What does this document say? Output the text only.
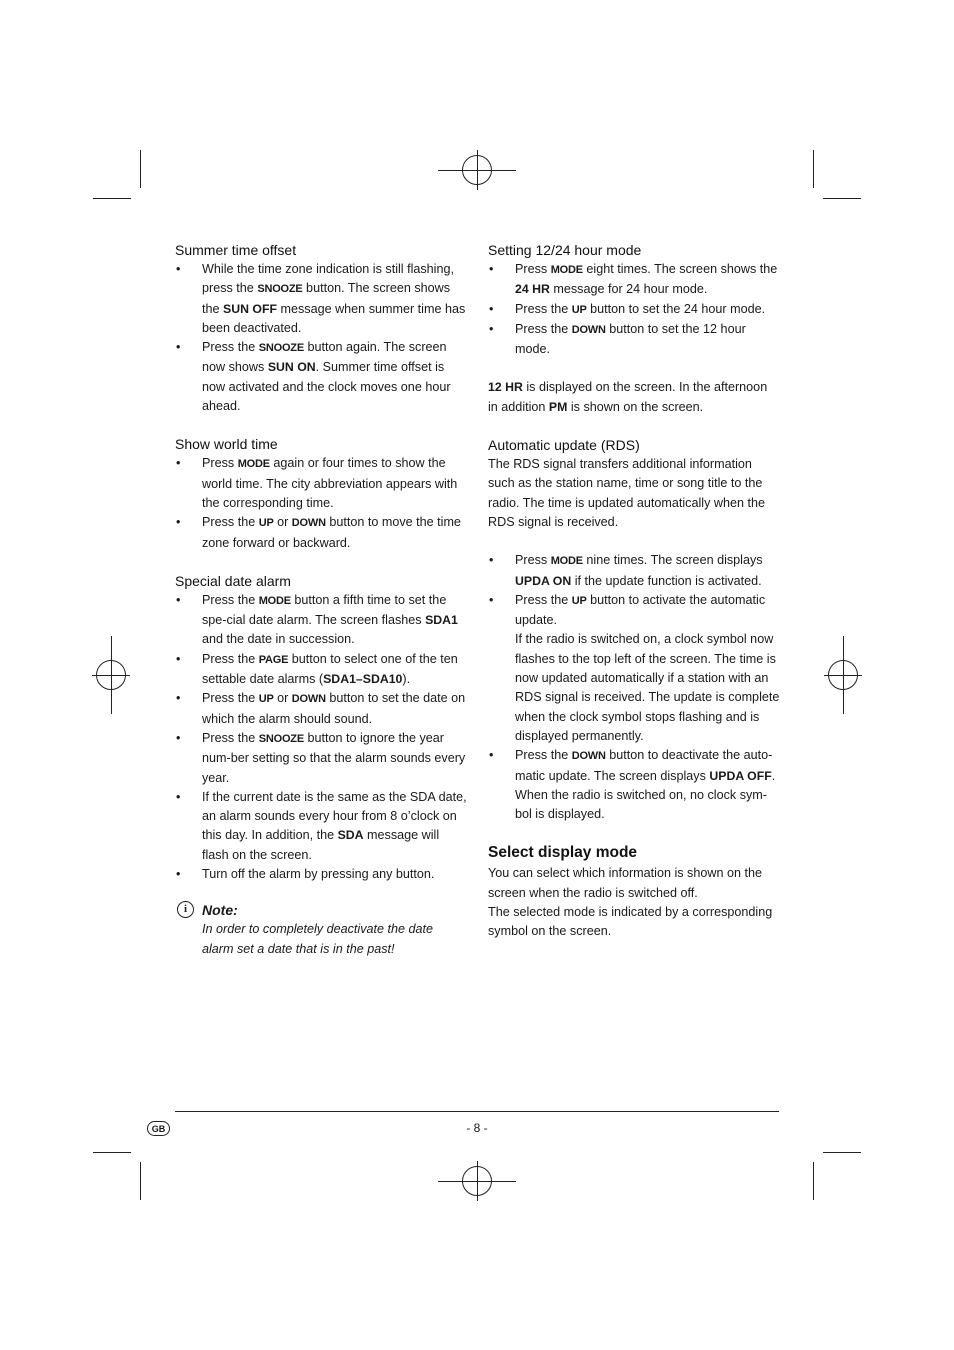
Summer time offset
• While the time zone indication is still flashing, press the SNOOZE button. The screen shows the SUN OFF message when summer time has been deactivated.
• Press the SNOOZE button again. The screen now shows SUN ON. Summer time offset is now activated and the clock moves one hour ahead.
Show world time
• Press MODE again or four times to show the world time. The city abbreviation appears with the corresponding time.
• Press the UP or DOWN button to move the time zone forward or backward.
Special date alarm
• Press the MODE button a fifth time to set the spe-cial date alarm. The screen flashes SDA1 and the date in succession.
• Press the PAGE button to select one of the ten settable date alarms (SDA1–SDA10).
• Press the UP or DOWN button to set the date on which the alarm should sound.
• Press the SNOOZE button to ignore the year num-ber setting so that the alarm sounds every year.
• If the current date is the same as the SDA date, an alarm sounds every hour from 8 o’clock on this day. In addition, the SDA message will flash on the screen.
• Turn off the alarm by pressing any button.
i	Note:

In order to completely deactivate the date alarm set a date that is in the past!

Setting 12/24 hour mode
• Press MODE eight times. The screen shows the 24 HR message for 24 hour mode.
• Press the UP button to set the 24 hour mode.
• Press the DOWN button to set the 12 hour mode.

12 HR is displayed on the screen. In the afternoon in addition PM is shown on the screen.

Automatic update (RDS)

The RDS signal transfers additional information such as the station name, time or song title to the radio. The time is updated automatically when the RDS signal is received.

• Press MODE nine times. The screen displays UPDA ON if the update function is activated.
• Press the UP button to activate the automatic update.
If the radio is switched on, a clock symbol now flashes to the top left of the screen. The time is now updated automatically if a station with an RDS signal is received. The update is complete when the clock symbol stops flashing and is displayed permanently.
• Press the DOWN button to deactivate the auto-matic update. The screen displays UPDA OFF. When the radio is switched on, no clock sym-bol is displayed.
Select display mode

You can select which information is shown on the screen when the radio is switched off.

The selected mode is indicated by a corresponding symbol on the screen.

GB	- 8 -
